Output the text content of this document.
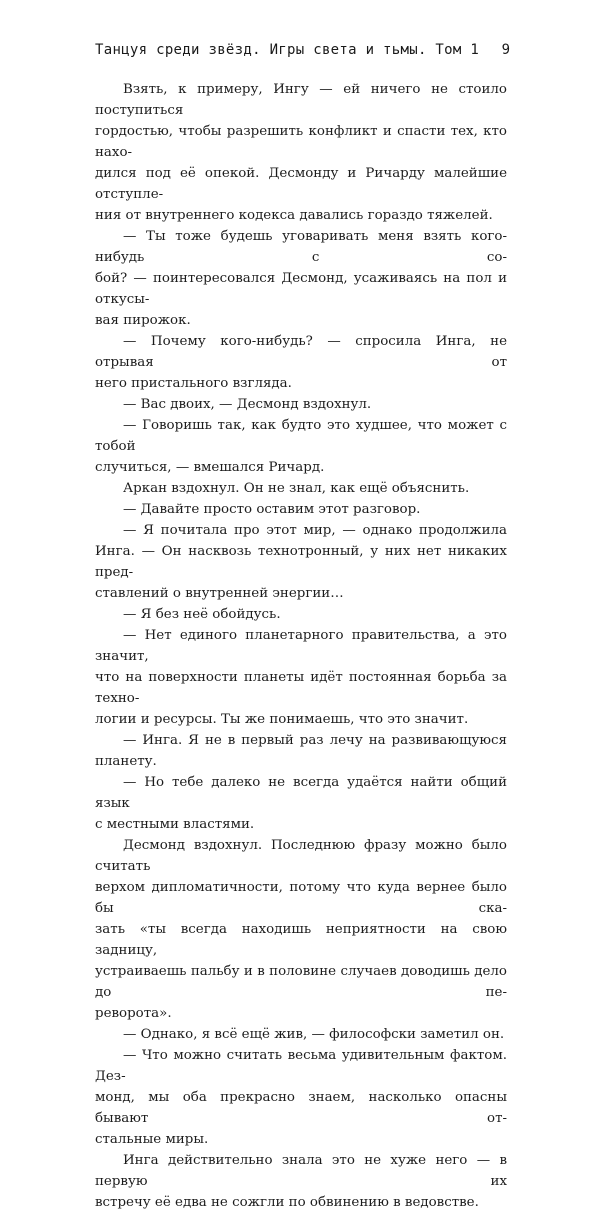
Танцуя среди звёзд. Игры света и тьмы. Том 1 9
Взять, к примеру, Ингу — ей ничего не стоило поступиться
гордостью, чтобы разрешить конфликт и спасти тех, кто нахо-
дился под её опекой. Десмонду и Ричарду малейшие отступле-
ния от внутреннего кодекса давались гораздо тяжелей.
— Ты тоже будешь уговаривать меня взять кого-нибудь с со-
бой? — поинтересовался Десмонд, усаживаясь на пол и откусы-
вая пирожок.
— Почему кого-нибудь? — спросила Инга, не отрывая от
него пристального взгляда.
— Вас двоих, — Десмонд вздохнул.
— Говоришь так, как будто это худшее, что может с тобой
случиться, — вмешался Ричард.
Аркан вздохнул. Он не знал, как ещё объяснить.
— Давайте просто оставим этот разговор.
— Я почитала про этот мир, — однако продолжила
Инга. — Он насквозь технотронный, у них нет никаких пред-
ставлений о внутренней энергии…
— Я без неё обойдусь.
— Нет единого планетарного правительства, а это значит,
что на поверхности планеты идёт постоянная борьба за техно-
логии и ресурсы. Ты же понимаешь, что это значит.
— Инга. Я не в первый раз лечу на развивающуюся планету.
— Но тебе далеко не всегда удаётся найти общий язык
с местными властями.
Десмонд вздохнул. Последнюю фразу можно было считать
верхом дипломатичности, потому что куда вернее было бы ска-
зать «ты всегда находишь неприятности на свою задницу,
устраиваешь пальбу и в половине случаев доводишь дело до пе-
реворота».
— Однако, я всё ещё жив, — философски заметил он.
— Что можно считать весьма удивительным фактом. Дез-
монд, мы оба прекрасно знаем, насколько опасны бывают от-
стальные миры.
Инга действительно знала это не хуже него — в первую их
встречу её едва не сожгли по обвинению в ведовстве.
